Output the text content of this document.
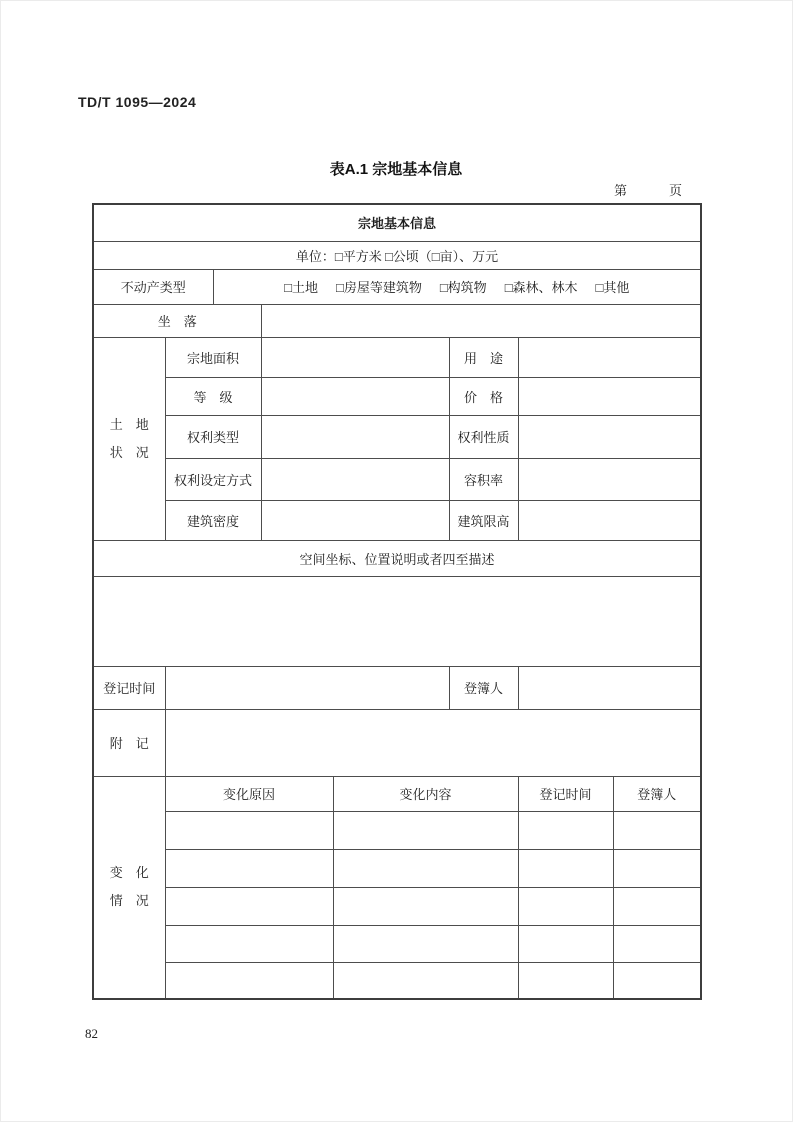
TD/T 1095—2024
表A.1 宗地基本信息
第	页
宗地基本信息							
单位：□平方米 □公顷（□亩）、万元							
不动产类型		□土地 □房屋等建筑物 □构筑物 □森林、林木 □其他					

坐　落							

土　地
状　况	宗地面积				用　途		
	等　级				价　格		
	权利类型				权利性质		
	权利设定方式				容积率		
	建筑密度				建筑限高		
空间坐标、位置说明或者四至描述							

登记时间					登簿人		
附　记							

变　化
情　况	变化原因			变化内容		登记时间	登簿人

82
